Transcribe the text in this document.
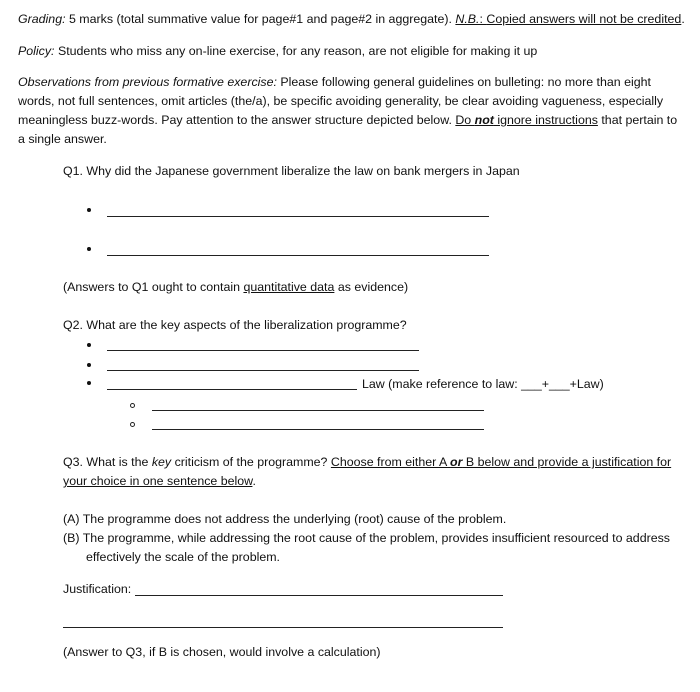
Grading: 5 marks (total summative value for page#1 and page#2 in aggregate). N.B.: Copied answers will not be credited.
Policy: Students who miss any on-line exercise, for any reason, are not eligible for making it up
Observations from previous formative exercise: Please following general guidelines on bulleting: no more than eight words, not full sentences, omit articles (the/a), be specific avoiding generality, be clear avoiding vagueness, especially meaningless buzz-words. Pay attention to the answer structure depicted below. Do not ignore instructions that pertain to a single answer.
Q1. Why did the Japanese government liberalize the law on bank mergers in Japan
(Answers to Q1 ought to contain quantitative data as evidence)
Q2. What are the key aspects of the liberalization programme?
Law (make reference to law: ___+___+Law)
Q3. What is the key criticism of the programme? Choose from either A or B below and provide a justification for your choice in one sentence below.
(A) The programme does not address the underlying (root) cause of the problem.
(B) The programme, while addressing the root cause of the problem, provides insufficient resourced to address
effectively the scale of the problem.
Justification:
(Answer to Q3, if B is chosen, would involve a calculation)
